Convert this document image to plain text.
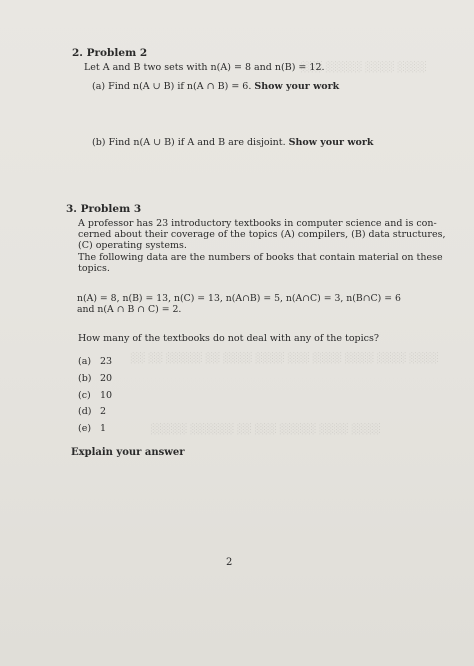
░░░░ ░░░░ ░░░░░ ░░░
░░░░ ░░░░ ░░░░ ░░░░ ░░░ ░░░░ ░░░░ ░░ ░░░░░ ░░ ░░
░░░░ ░░░░ ░░░░░ ░░░ ░░ ░░░░░░ ░░░░░
2. Problem 2
Let A and B two sets with n(A) = 8 and n(B) = 12.
(a) Find n(A ∪ B) if n(A ∩ B) = 6. Show your work
(b) Find n(A ∪ B) if A and B are disjoint. Show your work
3. Problem 3
A professor has 23 introductory textbooks in computer science and is con-
cerned about their coverage of the topics (A) compilers, (B) data structures,
(C) operating systems.
The following data are the numbers of books that contain material on these
topics.
n(A) = 8, n(B) = 13, n(C) = 13, n(A∩B) = 5, n(A∩C) = 3, n(B∩C) = 6
and n(A ∩ B ∩ C) = 2.
How many of the textbooks do not deal with any of the topics?
(a) 23
(b) 20
(c) 10
(d) 2
(e) 1
Explain your answer
2
